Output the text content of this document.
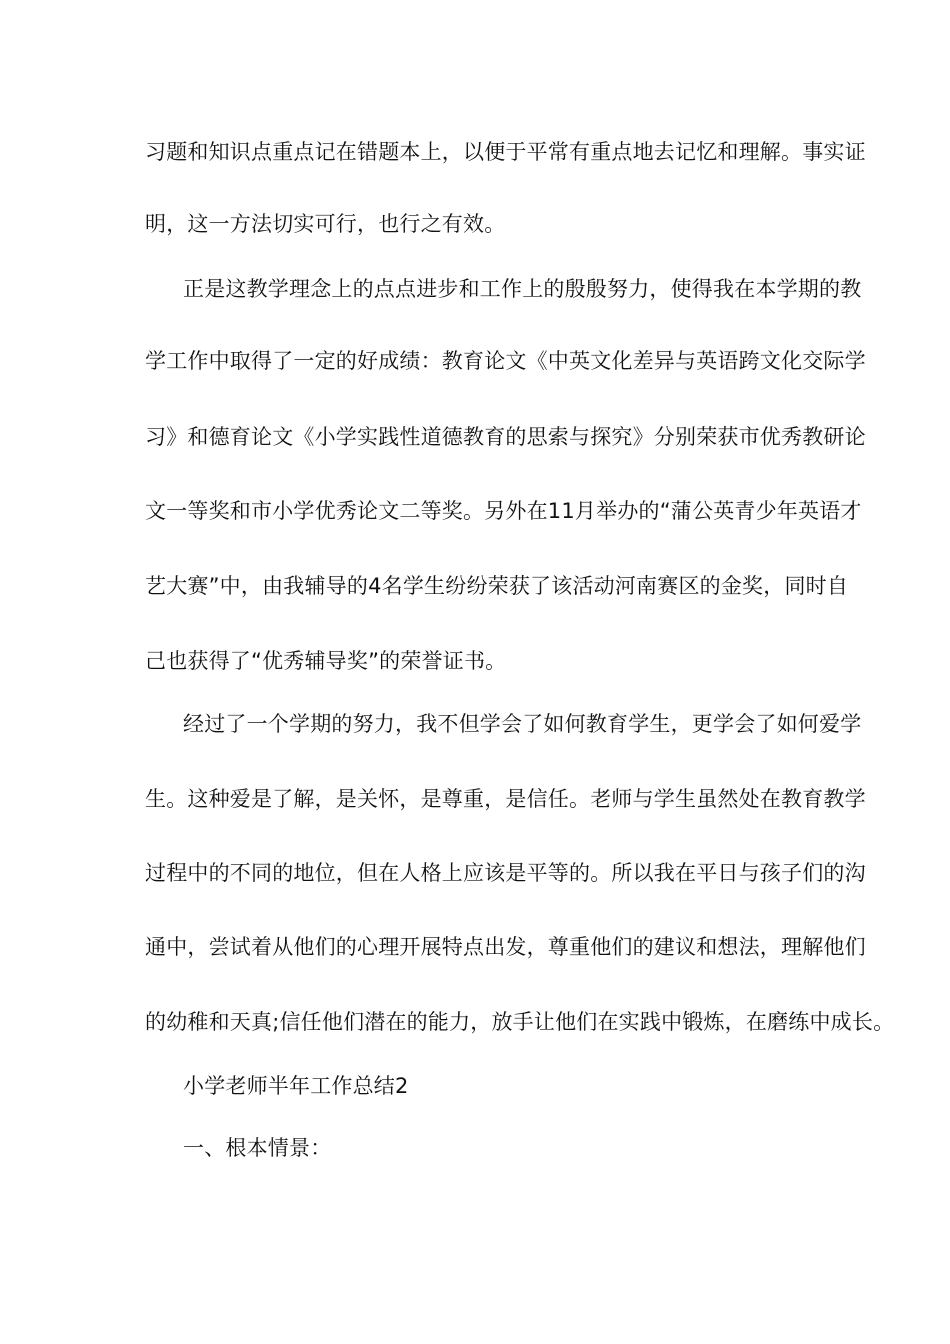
习题和知识点重点记在错题本上，以便于平常有重点地去记忆和理解。事实证
明，这一方法切实可行，也行之有效。
正是这教学理念上的点点进步和工作上的殷殷努力，使得我在本学期的教
学工作中取得了一定的好成绩：教育论文《中英文化差异与英语跨文化交际学
习》和德育论文《小学实践性道德教育的思索与探究》分别荣获市优秀教研论
文一等奖和市小学优秀论文二等奖。另外在11月举办的“蒲公英青少年英语才
艺大赛”中，由我辅导的4名学生纷纷荣获了该活动河南赛区的金奖，同时自
己也获得了“优秀辅导奖”的荣誉证书。
经过了一个学期的努力，我不但学会了如何教育学生，更学会了如何爱学
生。这种爱是了解，是关怀，是尊重，是信任。老师与学生虽然处在教育教学
过程中的不同的地位，但在人格上应该是平等的。所以我在平日与孩子们的沟
通中，尝试着从他们的心理开展特点出发，尊重他们的建议和想法，理解他们
的幼稚和天真;信任他们潜在的能力，放手让他们在实践中锻炼，在磨练中成长。
小学老师半年工作总结2
一、根本情景：
